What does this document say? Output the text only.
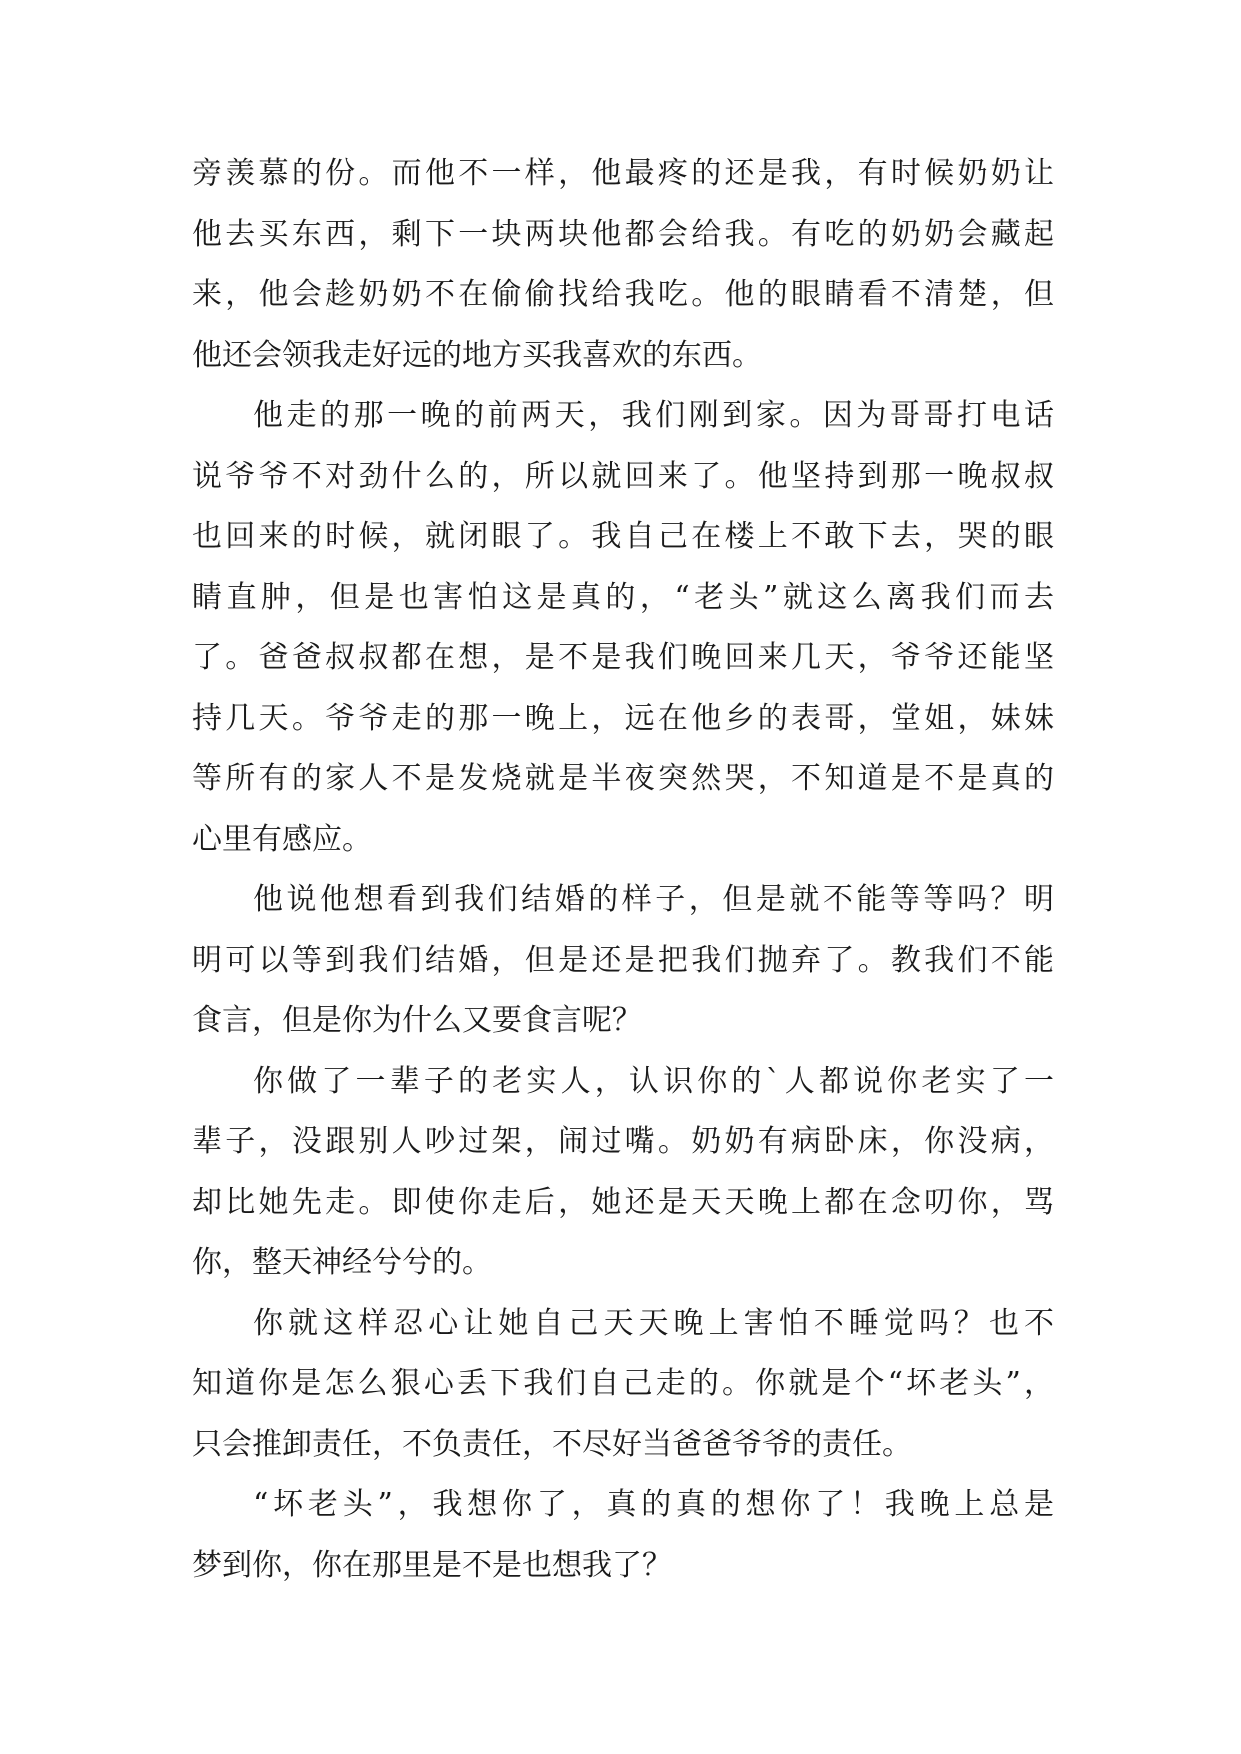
旁羡慕的份。而他不一样，他最疼的还是我，有时候奶奶让
他去买东西，剩下一块两块他都会给我。有吃的奶奶会藏起
来，他会趁奶奶不在偷偷找给我吃。他的眼睛看不清楚，但
他还会领我走好远的地方买我喜欢的东西。
他走的那一晚的前两天，我们刚到家。因为哥哥打电话
说爷爷不对劲什么的，所以就回来了。他坚持到那一晚叔叔
也回来的时候，就闭眼了。我自己在楼上不敢下去，哭的眼
睛直肿，但是也害怕这是真的，“老头”就这么离我们而去
了。爸爸叔叔都在想，是不是我们晚回来几天，爷爷还能坚
持几天。爷爷走的那一晚上，远在他乡的表哥，堂姐，妹妹
等所有的家人不是发烧就是半夜突然哭，不知道是不是真的
心里有感应。
他说他想看到我们结婚的样子，但是就不能等等吗？明
明可以等到我们结婚，但是还是把我们抛弃了。教我们不能
食言，但是你为什么又要食言呢？
你做了一辈子的老实人，认识你的`人都说你老实了一
辈子，没跟别人吵过架，闹过嘴。奶奶有病卧床，你没病，
却比她先走。即使你走后，她还是天天晚上都在念叨你，骂
你，整天神经兮兮的。
你就这样忍心让她自己天天晚上害怕不睡觉吗？也不
知道你是怎么狠心丢下我们自己走的。你就是个“坏老头”，
只会推卸责任，不负责任，不尽好当爸爸爷爷的责任。
“坏老头”，我想你了，真的真的想你了！我晚上总是
梦到你，你在那里是不是也想我了？
